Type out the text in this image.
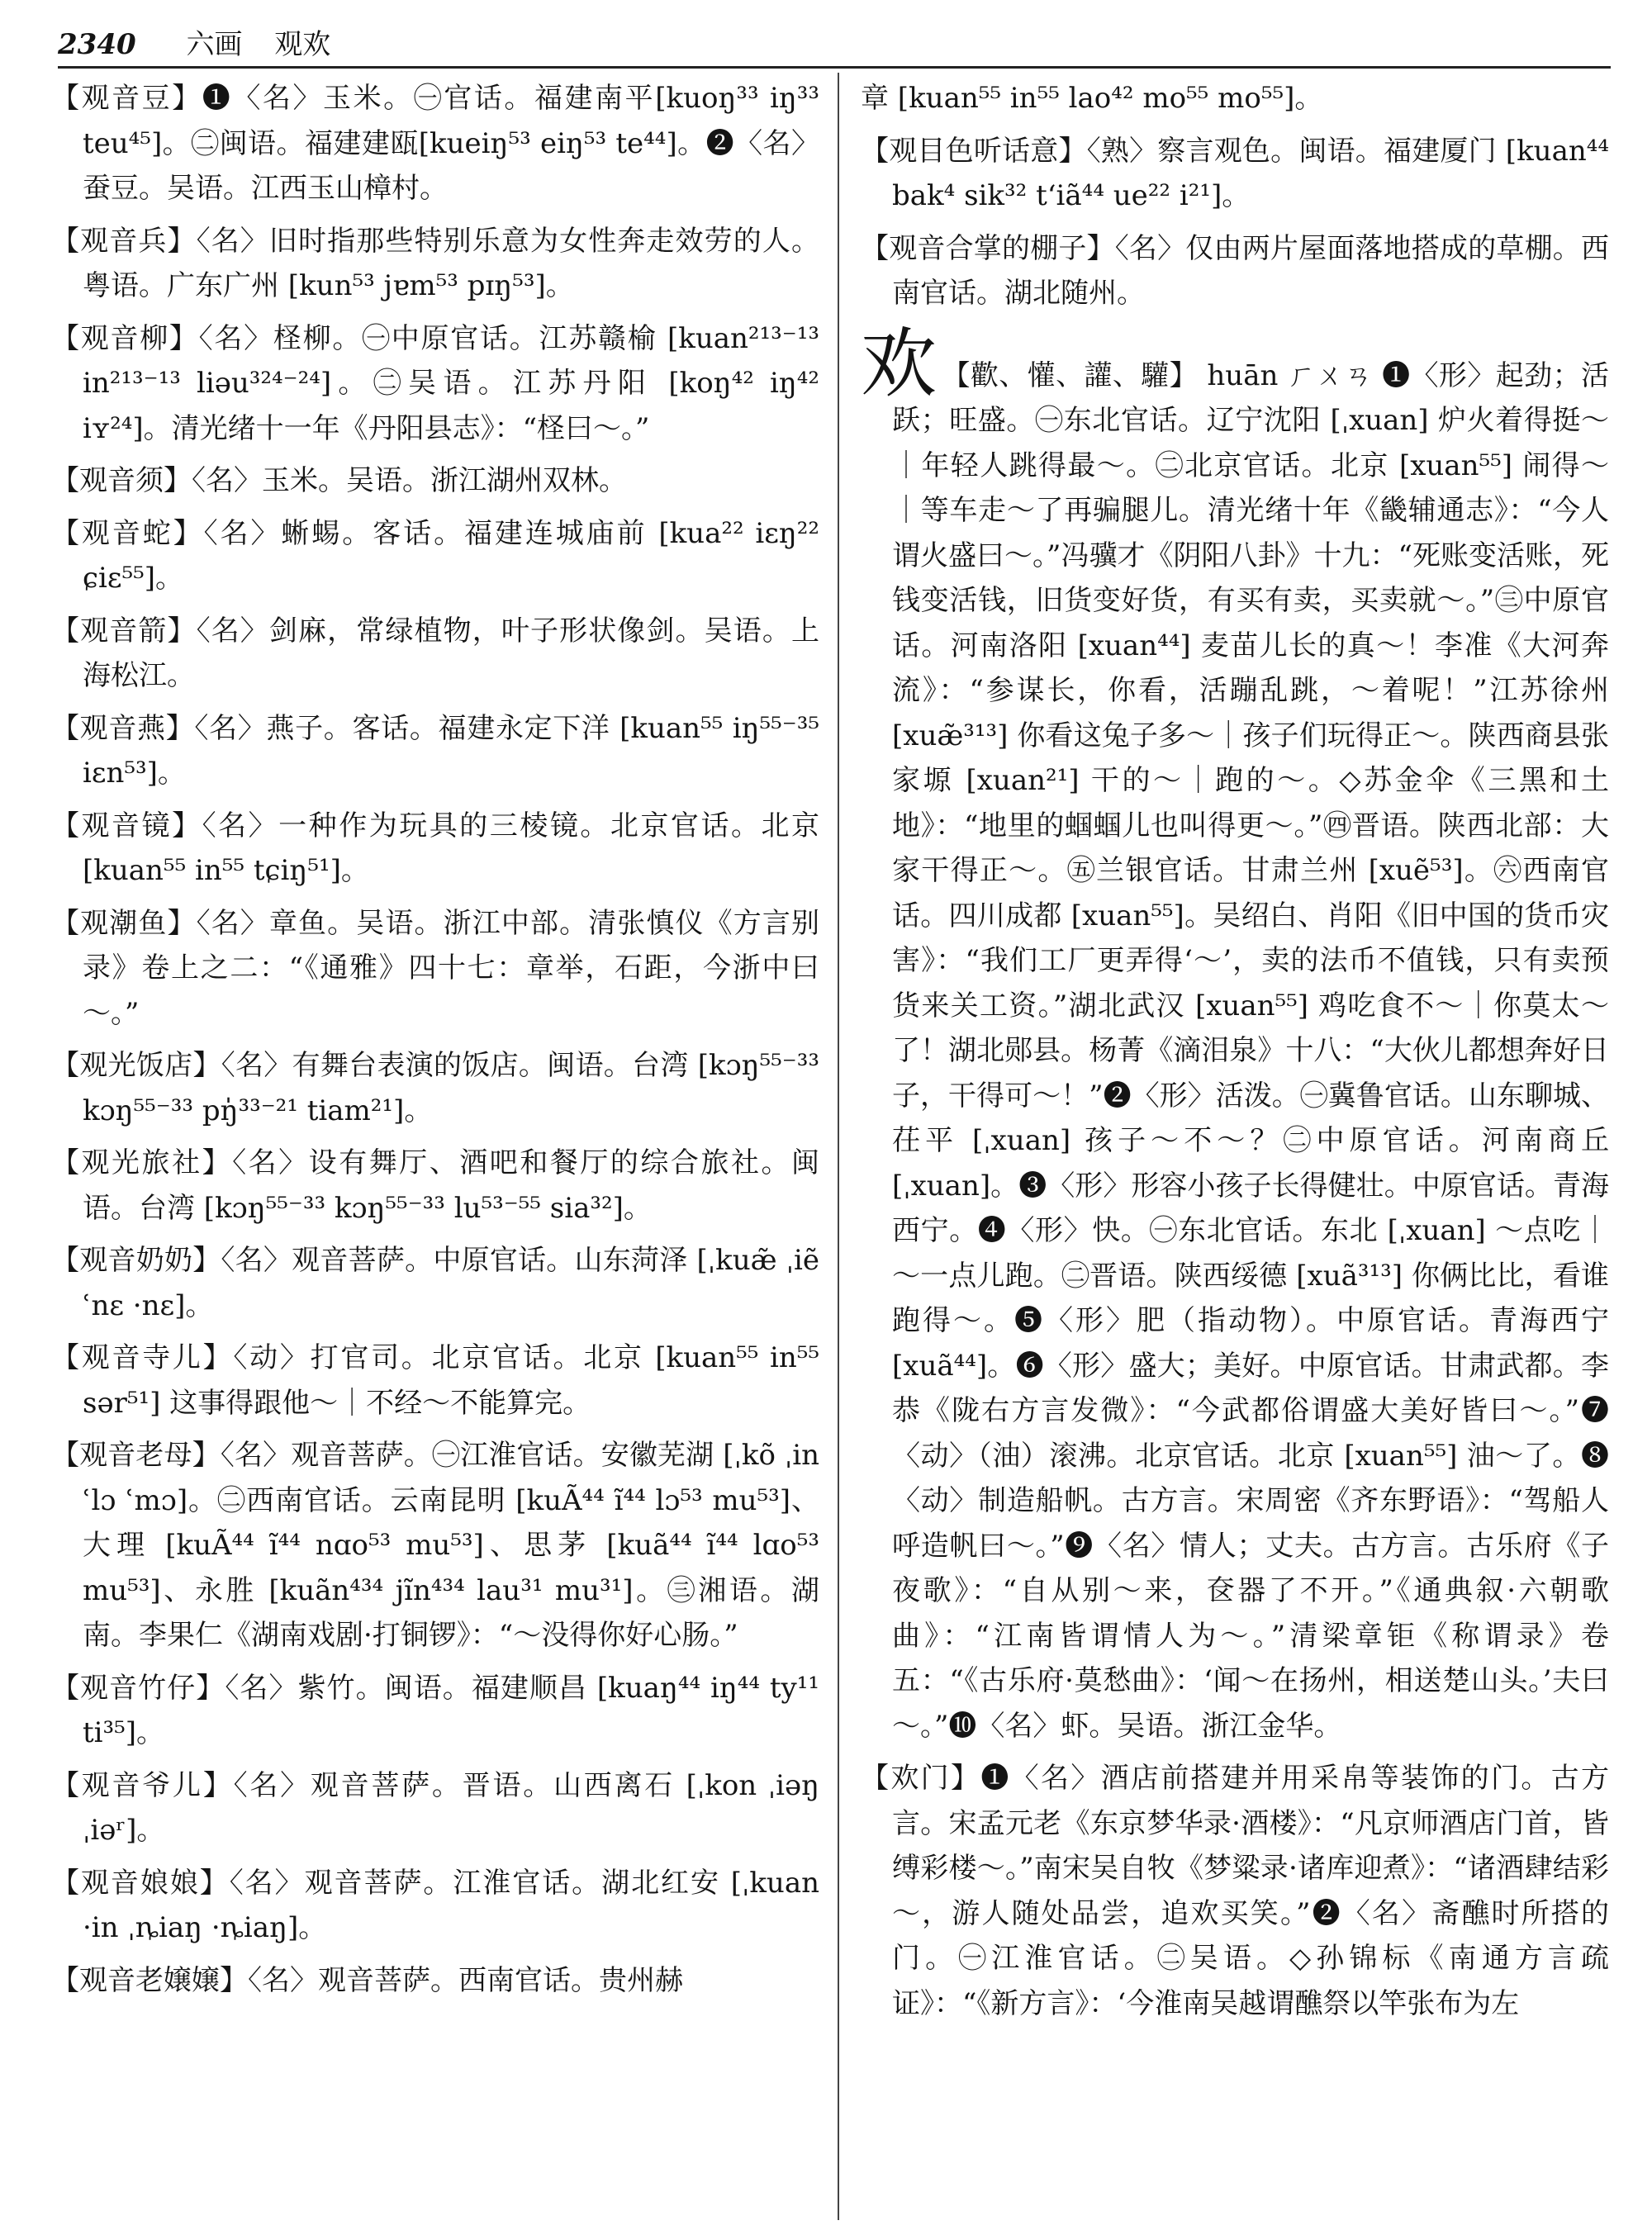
2340 六画 观欢

【观音豆】❶〈名〉玉米。㊀官话。福建南平[kuoŋ³³ iŋ³³ teu⁴⁵]。㊁闽语。福建建瓯[kueiŋ⁵³ eiŋ⁵³ te⁴⁴]。❷〈名〉蚕豆。吴语。江西玉山樟村。

【观音兵】〈名〉旧时指那些特别乐意为女性奔走效劳的人。粤语。广东广州 [kun⁵³ jɐm⁵³ pɪŋ⁵³]。

【观音柳】〈名〉柽柳。㊀中原官话。江苏赣榆 [kuan²¹³⁻¹³ in²¹³⁻¹³ liəu³²⁴⁻²⁴]。㊁吴语。江苏丹阳 [koŋ⁴² iŋ⁴² iʏ²⁴]。清光绪十一年《丹阳县志》：“柽曰～。”

【观音须】〈名〉玉米。吴语。浙江湖州双林。

【观音蛇】〈名〉蜥蜴。客话。福建连城庙前 [kua²² iɛŋ²² ɕiɛ⁵⁵]。

【观音箭】〈名〉剑麻，常绿植物，叶子形状像剑。吴语。上海松江。

【观音燕】〈名〉燕子。客话。福建永定下洋 [kuan⁵⁵ iŋ⁵⁵⁻³⁵ iɛn⁵³]。

【观音镜】〈名〉一种作为玩具的三棱镜。北京官话。北京 [kuan⁵⁵ in⁵⁵ tɕiŋ⁵¹]。

【观潮鱼】〈名〉章鱼。吴语。浙江中部。清张慎仪《方言别录》卷上之二：“《通雅》四十七：章举，石距，今浙中曰～。”

【观光饭店】〈名〉有舞台表演的饭店。闽语。台湾 [kɔŋ⁵⁵⁻³³ kɔŋ⁵⁵⁻³³ pŋ̍³³⁻²¹ tiam²¹]。

【观光旅社】〈名〉设有舞厅、酒吧和餐厅的综合旅社。闽语。台湾 [kɔŋ⁵⁵⁻³³ kɔŋ⁵⁵⁻³³ lu⁵³⁻⁵⁵ sia³²]。

【观音奶奶】〈名〉观音菩萨。中原官话。山东菏泽 [ˌkuæ̃ ˌiẽ ʿnɛ ·nɛ]。

【观音寺儿】〈动〉打官司。北京官话。北京 [kuan⁵⁵ in⁵⁵ sər⁵¹] 这事得跟他～｜不经～不能算完。

【观音老母】〈名〉观音菩萨。㊀江淮官话。安徽芜湖 [ˌkõ ˌin ʿlɔ ʿmɔ]。㊁西南官话。云南昆明 [kuÃ⁴⁴ ĩ⁴⁴ lɔ⁵³ mu⁵³]、大理 [kuÃ⁴⁴ ĩ⁴⁴ nɑo⁵³ mu⁵³]、思茅 [kuã⁴⁴ ĩ⁴⁴ lɑo⁵³ mu⁵³]、永胜 [kuãn⁴³⁴ jĩn⁴³⁴ lau³¹ mu³¹]。㊂湘语。湖南。李果仁《湖南戏剧·打铜锣》：“～没得你好心肠。”

【观音竹仔】〈名〉紫竹。闽语。福建顺昌 [kuaŋ⁴⁴ iŋ⁴⁴ ty¹¹ ti³⁵]。

【观音爷儿】〈名〉观音菩萨。晋语。山西离石 [ˌkon ˌiəŋ ˌiəʳ]。

【观音娘娘】〈名〉观音菩萨。江淮官话。湖北红安 [ˌkuan ·in ˌȵiaŋ ·ȵiaŋ]。

【观音老嬢嬢】〈名〉观音菩萨。西南官话。贵州赫

章 [kuan⁵⁵ in⁵⁵ lao⁴² mo⁵⁵ mo⁵⁵]。

【观目色听话意】〈熟〉察言观色。闽语。福建厦门 [kuan⁴⁴ bak⁴ sik³² tʻiã⁴⁴ ue²² i²¹]。

【观音合掌的棚子】〈名〉仅由两片屋面落地搭成的草棚。西南官话。湖北随州。

欢 【歡、懽、讙、驩】 huān ㄏㄨㄢ ❶〈形〉起劲；活跃；旺盛。㊀东北官话。辽宁沈阳 [ˌxuan] 炉火着得挺～｜年轻人跳得最～。㊁北京官话。北京 [xuan⁵⁵] 闹得～｜等车走～了再骗腿儿。清光绪十年《畿辅通志》：“今人谓火盛曰～。”冯骥才《阴阳八卦》十九：“死账变活账，死钱变活钱，旧货变好货，有买有卖，买卖就～。”㊂中原官话。河南洛阳 [xuan⁴⁴] 麦苗儿长的真～！李准《大河奔流》：“参谋长，你看，活蹦乱跳，～着呢！”江苏徐州 [xuæ̃³¹³] 你看这兔子多～｜孩子们玩得正～。陕西商县张家塬 [xuan²¹] 干的～｜跑的～。◇苏金伞《三黑和土地》：“地里的蝈蝈儿也叫得更～。”㊃晋语。陕西北部：大家干得正～。㊄兰银官话。甘肃兰州 [xuẽ⁵³]。㊅西南官话。四川成都 [xuan⁵⁵]。吴绍白、肖阳《旧中国的货币灾害》：“我们工厂更弄得‘～’，卖的法币不值钱，只有卖预货来关工资。”湖北武汉 [xuan⁵⁵] 鸡吃食不～｜你莫太～了！湖北郧县。杨菁《滴泪泉》十八：“大伙儿都想奔好日子，干得可～！”❷〈形〉活泼。㊀冀鲁官话。山东聊城、茌平 [ˌxuan] 孩子～不～？㊁中原官话。河南商丘 [ˌxuan]。❸〈形〉形容小孩子长得健壮。中原官话。青海西宁。❹〈形〉快。㊀东北官话。东北 [ˌxuan] ～点吃｜～一点儿跑。㊁晋语。陕西绥德 [xuã³¹³] 你俩比比，看谁跑得～。❺〈形〉肥（指动物）。中原官话。青海西宁 [xuã⁴⁴]。❻〈形〉盛大；美好。中原官话。甘肃武都。李恭《陇右方言发微》：“今武都俗谓盛大美好皆曰～。”❼〈动〉（油）滚沸。北京官话。北京 [xuan⁵⁵] 油～了。❽〈动〉制造船帆。古方言。宋周密《齐东野语》：“驾船人呼造帆曰～。”❾〈名〉情人；丈夫。古方言。古乐府《子夜歌》：“自从别～来，奁器了不开。”《通典叙·六朝歌曲》：“江南皆谓情人为～。”清梁章钜《称谓录》卷五：“《古乐府·莫愁曲》：‘闻～在扬州，相送楚山头。’夫曰～。”❿〈名〉虾。吴语。浙江金华。

【欢门】❶〈名〉酒店前搭建并用采帛等装饰的门。古方言。宋孟元老《东京梦华录·酒楼》：“凡京师酒店门首，皆缚彩楼～。”南宋吴自牧《梦粱录·诸库迎煮》：“诸酒肆结彩～，游人随处品尝，追欢买笑。”❷〈名〉斋醮时所搭的门。㊀江淮官话。㊁吴语。◇孙锦标《南通方言疏证》：“《新方言》：‘今淮南吴越谓醮祭以竿张布为左
